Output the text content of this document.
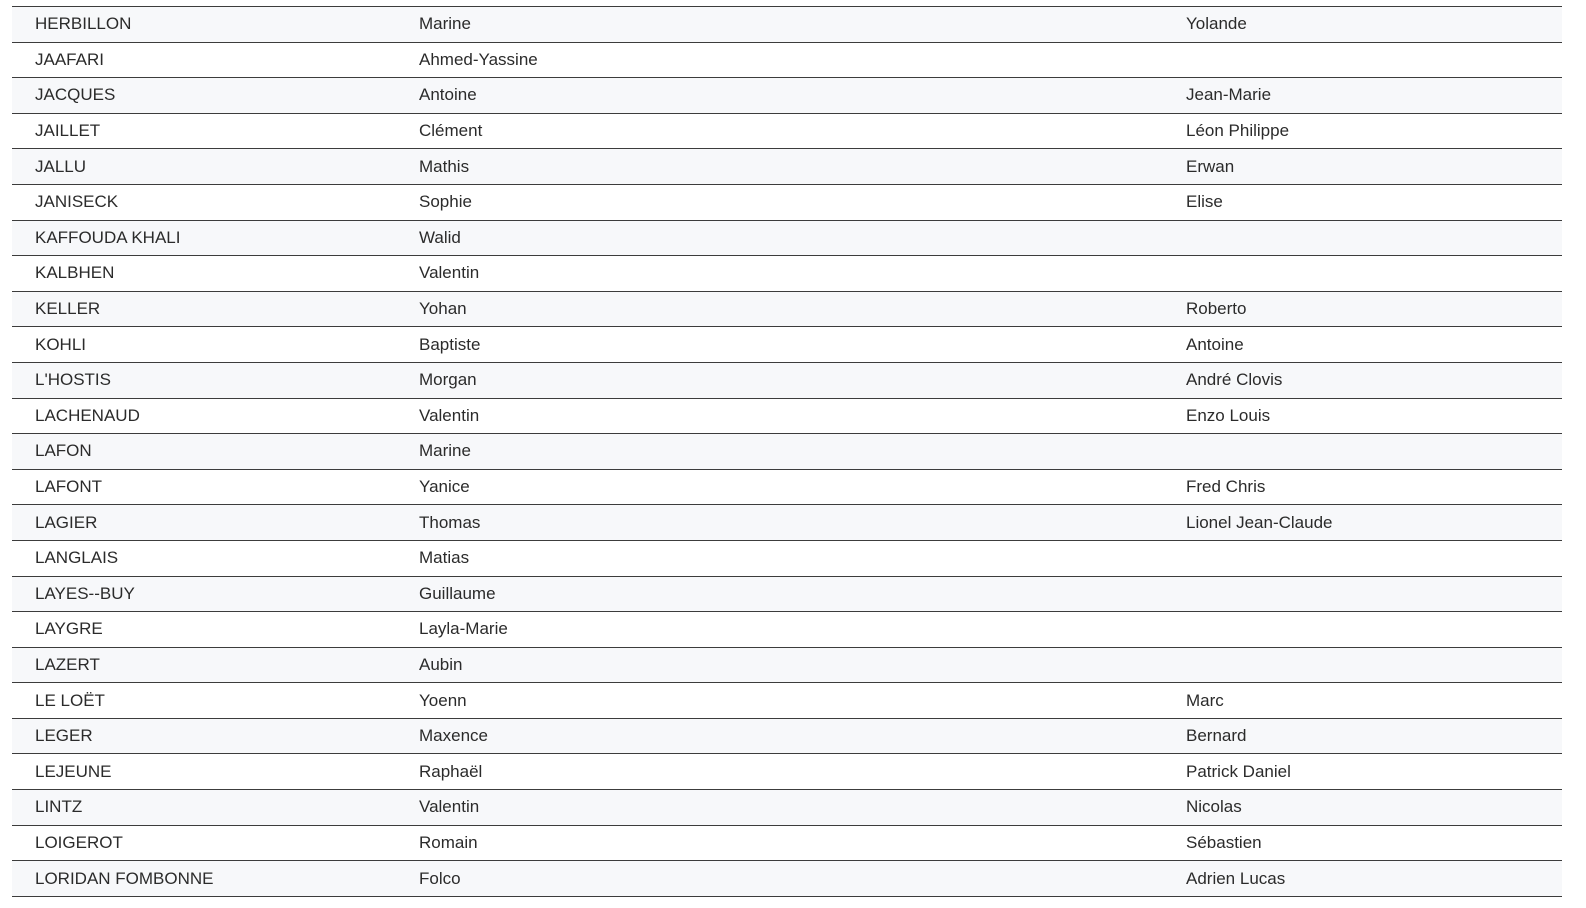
HERBILLON	Marine	Yolande
JAAFARI	Ahmed-Yassine	
JACQUES	Antoine	Jean-Marie
JAILLET	Clément	Léon Philippe
JALLU	Mathis	Erwan
JANISECK	Sophie	Elise
KAFFOUDA KHALI	Walid	
KALBHEN	Valentin	
KELLER	Yohan	Roberto
KOHLI	Baptiste	Antoine
L'HOSTIS	Morgan	André Clovis
LACHENAUD	Valentin	Enzo Louis
LAFON	Marine	
LAFONT	Yanice	Fred Chris
LAGIER	Thomas	Lionel Jean-Claude
LANGLAIS	Matias	
LAYES--BUY	Guillaume	
LAYGRE	Layla-Marie	
LAZERT	Aubin	
LE LOËT	Yoenn	Marc
LEGER	Maxence	Bernard
LEJEUNE	Raphaël	Patrick Daniel
LINTZ	Valentin	Nicolas
LOIGEROT	Romain	Sébastien
LORIDAN FOMBONNE	Folco	Adrien Lucas
